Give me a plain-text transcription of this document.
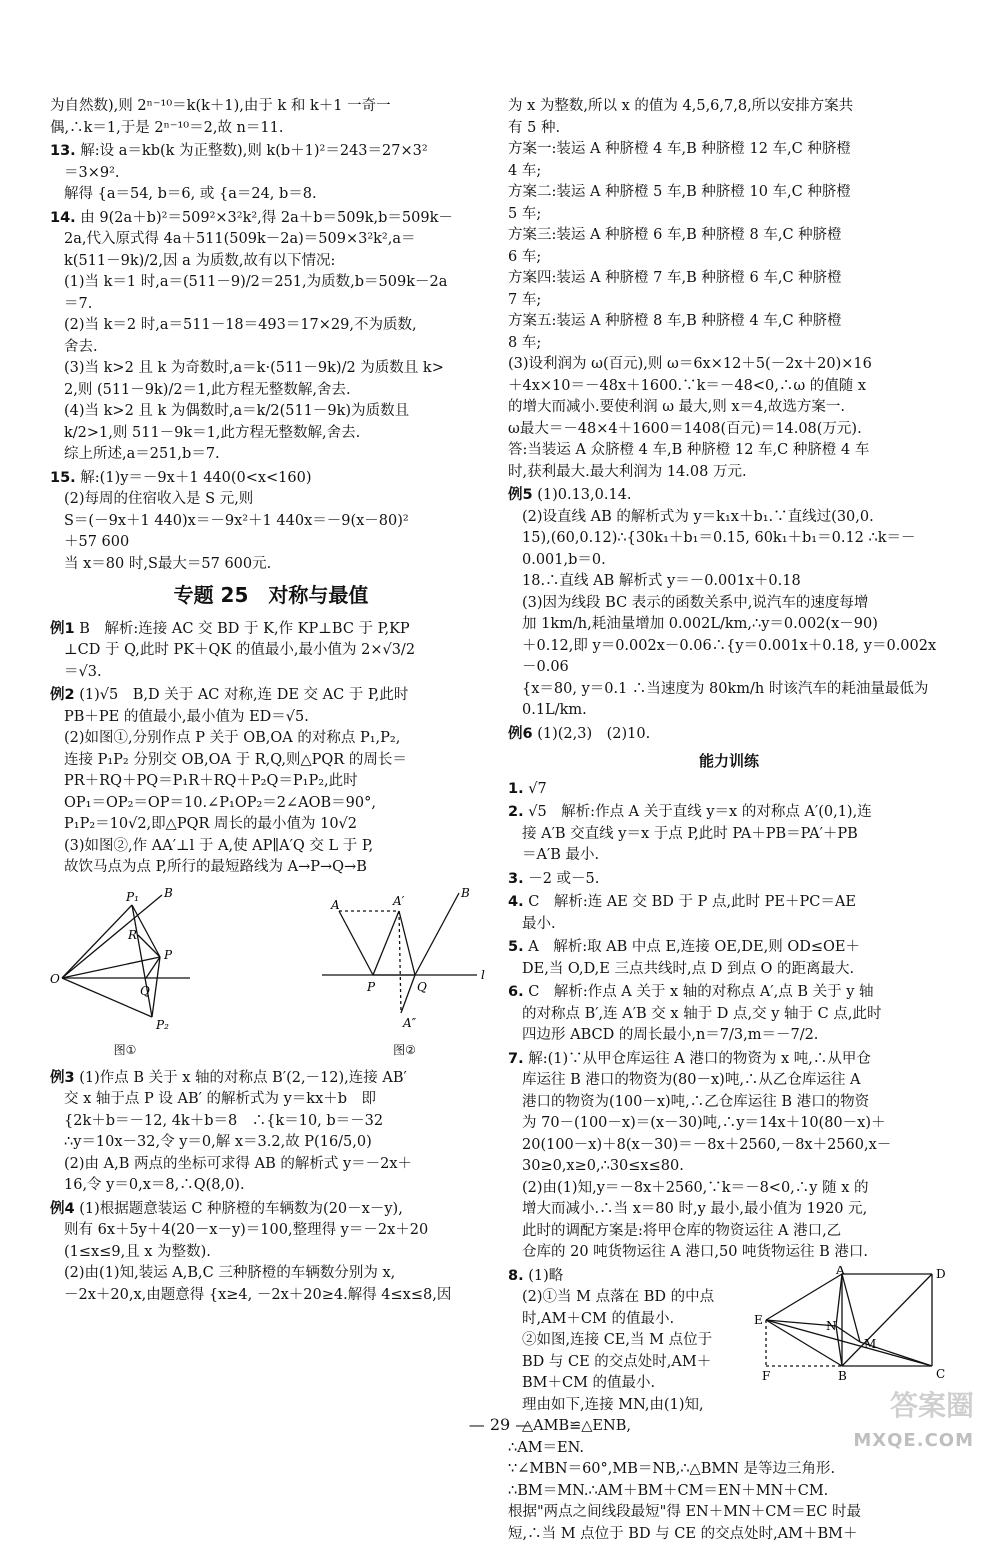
为自然数),则 2ⁿ⁻¹⁰＝k(k＋1),由于 k 和 k＋1 一奇一

偶,∴k＝1,于是 2ⁿ⁻¹⁰＝2,故 n＝11.

13. 解:设 a＝kb(k 为正整数),则 k(b＋1)²＝243＝27×3²

＝3×9².

解得 {a＝54, b＝6, 或 {a＝24, b＝8.

14. 由 9(2a＋b)²＝509²×3²k²,得 2a＋b＝509k,b＝509k－

2a,代入原式得 4a＋511(509k－2a)＝509×3²k²,a＝

k(511－9k)/2,因 a 为质数,故有以下情况:

(1)当 k＝1 时,a＝(511－9)/2＝251,为质数,b＝509k－2a

＝7.

(2)当 k＝2 时,a＝511－18＝493＝17×29,不为质数,

舍去.

(3)当 k>2 且 k 为奇数时,a＝k·(511－9k)/2 为质数且 k>

2,则 (511－9k)/2＝1,此方程无整数解,舍去.

(4)当 k>2 且 k 为偶数时,a＝k/2(511－9k)为质数且

k/2>1,则 511－9k＝1,此方程无整数解,舍去.

综上所述,a＝251,b＝7.

15. 解:(1)y＝－9x＋1 440(0<x<160)

(2)每周的住宿收入是 S 元,则

S＝(－9x＋1 440)x＝－9x²＋1 440x＝－9(x－80)²

＋57 600

当 x＝80 时,S最大＝57 600元.

专题 25　对称与最值

例1 B　解析:连接 AC 交 BD 于 K,作 KP⊥BC 于 P,KP

⊥CD 于 Q,此时 PK＋QK 的值最小,最小值为 2×√3/2

＝√3.

例2 (1)√5　B,D 关于 AC 对称,连 DE 交 AC 于 P,此时

PB＋PE 的值最小,最小值为 ED＝√5.

(2)如图①,分别作点 P 关于 OB,OA 的对称点 P₁,P₂,

连接 P₁P₂ 分别交 OB,OA 于 R,Q,则△PQR 的周长＝

PR＋RQ＋PQ＝P₁R＋RQ＋P₂Q＝P₁P₂,此时

OP₁＝OP₂＝OP＝10.∠P₁OP₂＝2∠AOB＝90°,

P₁P₂＝10√2,即△PQR 周长的最小值为 10√2

(3)如图②,作 AA′⊥l 于 A,使 AP∥A′Q 交 L 于 P,

故饮马点为点 P,所行的最短路线为 A→P→Q→B

P₁ B
R
P
O
Q
P₂
图①
A	A′
B
P	Q
A″
l
图②

例3 (1)作点 B 关于 x 轴的对称点 B′(2,－12),连接 AB′

交 x 轴于点 P 设 AB′ 的解析式为 y＝kx＋b　即

{2k＋b＝－12, 4k＋b＝8　∴{k＝10, b＝－32

∴y＝10x－32,令 y＝0,解 x＝3.2,故 P(16/5,0)

(2)由 A,B 两点的坐标可求得 AB 的解析式 y＝－2x＋

16,令 y＝0,x＝8,∴Q(8,0).

例4 (1)根据题意装运 C 种脐橙的车辆数为(20－x－y),

则有 6x＋5y＋4(20－x－y)＝100,整理得 y＝－2x＋20

(1≤x≤9,且 x 为整数).

(2)由(1)知,装运 A,B,C 三种脐橙的车辆数分别为 x,

－2x＋20,x,由题意得 {x≥4, －2x＋20≥4.解得 4≤x≤8,因

为 x 为整数,所以 x 的值为 4,5,6,7,8,所以安排方案共

有 5 种.

方案一:装运 A 种脐橙 4 车,B 种脐橙 12 车,C 种脐橙

4 车;

方案二:装运 A 种脐橙 5 车,B 种脐橙 10 车,C 种脐橙

5 车;

方案三:装运 A 种脐橙 6 车,B 种脐橙 8 车,C 种脐橙

6 车;

方案四:装运 A 种脐橙 7 车,B 种脐橙 6 车,C 种脐橙

7 车;

方案五:装运 A 种脐橙 8 车,B 种脐橙 4 车,C 种脐橙

8 车;

(3)设利润为 ω(百元),则 ω＝6x×12＋5(－2x＋20)×16

＋4x×10＝－48x＋1600.∵k＝－48<0,∴ω 的值随 x

的增大而减小.要使利润 ω 最大,则 x＝4,故选方案一.

ω最大＝－48×4＋1600＝1408(百元)＝14.08(万元).

答:当装运 A 众脐橙 4 车,B 种脐橙 12 车,C 种脐橙 4 车

时,获利最大.最大利润为 14.08 万元.

例5 (1)0.13,0.14.

(2)设直线 AB 的解析式为 y＝k₁x＋b₁.∵直线过(30,0.

15),(60,0.12)∴{30k₁＋b₁＝0.15, 60k₁＋b₁＝0.12 ∴k＝－0.001,b＝0.

18.∴直线 AB 解析式 y＝－0.001x＋0.18

(3)因为线段 BC 表示的函数关系中,说汽车的速度每增

加 1km/h,耗油量增加 0.002L/km,∴y＝0.002(x－90)

＋0.12,即 y＝0.002x－0.06∴{y＝0.001x＋0.18, y＝0.002x－0.06

{x＝80, y＝0.1 ∴当速度为 80km/h 时该汽车的耗油量最低为

0.1L/km.

例6 (1)(2,3)　(2)10.

能力训练

1. √7

2. √5　解析:作点 A 关于直线 y＝x 的对称点 A′(0,1),连

接 A′B 交直线 y＝x 于点 P,此时 PA＋PB＝PA′＋PB

＝A′B 最小.

3. －2 或－5.

4. C　解析:连 AE 交 BD 于 P 点,此时 PE＋PC＝AE

最小.

5. A　解析:取 AB 中点 E,连接 OE,DE,则 OD≤OE＋

DE,当 O,D,E 三点共线时,点 D 到点 O 的距离最大.

6. C　解析:作点 A 关于 x 轴的对称点 A′,点 B 关于 y 轴

的对称点 B′,连 A′B 交 x 轴于 D 点,交 y 轴于 C 点,此时

四边形 ABCD 的周长最小,n＝7/3,m＝－7/2.

7. 解:(1)∵从甲仓库运往 A 港口的物资为 x 吨,∴从甲仓

库运往 B 港口的物资为(80－x)吨,∴从乙仓库运往 A

港口的物资为(100－x)吨,∴乙仓库运往 B 港口的物资

为 70－(100－x)＝(x－30)吨,∴y＝14x＋10(80－x)＋

20(100－x)＋8(x－30)＝－8x＋2560,－8x＋2560,x－

30≥0,x≥0,∴30≤x≤80.

(2)由(1)知,y＝－8x＋2560,∵k＝－8<0,∴y 随 x 的

增大而减小.∴当 x＝80 时,y 最小,最小值为 1920 元,

此时的调配方案是:将甲仓库的物资运往 A 港口,乙

仓库的 20 吨货物运往 A 港口,50 吨货物运往 B 港口.

8. (1)略

(2)①当 M 点落在 BD 的中点

时,AM＋CM 的值最小.

②如图,连接 CE,当 M 点位于

BD 与 CE 的交点处时,AM＋

BM＋CM 的值最小.

理由如下,连接 MN,由(1)知,

△AMB≌△ENB,

A	D
E	N
M
F	B	C

∴AM＝EN.

∵∠MBN＝60°,MB＝NB,∴△BMN 是等边三角形.

∴BM＝MN.∴AM＋BM＋CM＝EN＋MN＋CM.

根据"两点之间线段最短"得 EN＋MN＋CM＝EC 时最

短,∴当 M 点位于 BD 与 CE 的交点处时,AM＋BM＋

— 29 —
答案圈
MXQE.COM
